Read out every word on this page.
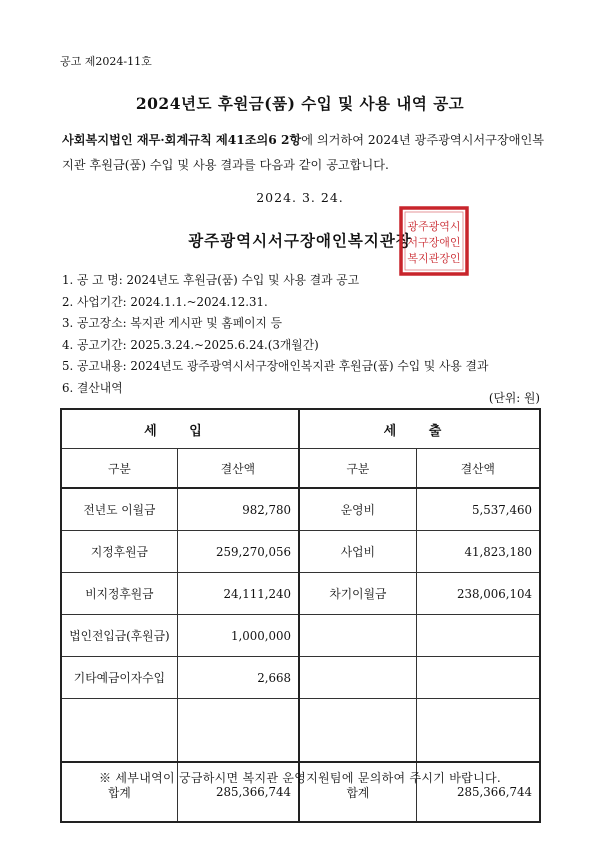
공고 제2024-11호
2024년도 후원금(품) 수입 및 사용 내역 공고
사회복지법인 재무·회계규칙 제41조의6 2항에 의거하여 2024년 광주광역시서구장애인복지관 후원금(품) 수입 및 사용 결과를 다음과 같이 공고합니다.
2024. 3. 24.
광주광역시서구장애인복지관장
광주광역시
서구장애인
복지관장인
1. 공 고 명: 2024년도 후원금(품) 수입 및 사용 결과 공고
2. 사업기간: 2024.1.1.~2024.12.31.
3. 공고장소: 복지관 게시판 및 홈페이지 등
4. 공고기간: 2025.3.24.~2025.6.24.(3개월간)
5. 공고내용: 2024년도 광주광역시서구장애인복지관 후원금(품) 수입 및 사용 결과
6. 결산내역
(단위: 원)
세 입		세 출	
구분	결산액	구분	결산액
전년도 이월금	982,780	운영비	5,537,460
지정후원금	259,270,056	사업비	41,823,180
비지정후원금	24,111,240	차기이월금	238,006,104
법인전입금(후원금)	1,000,000		
기타예금이자수입	2,668		

합계	285,366,744	합계	285,366,744
※ 세부내역이 궁금하시면 복지관 운영지원팀에 문의하여 주시기 바랍니다.
